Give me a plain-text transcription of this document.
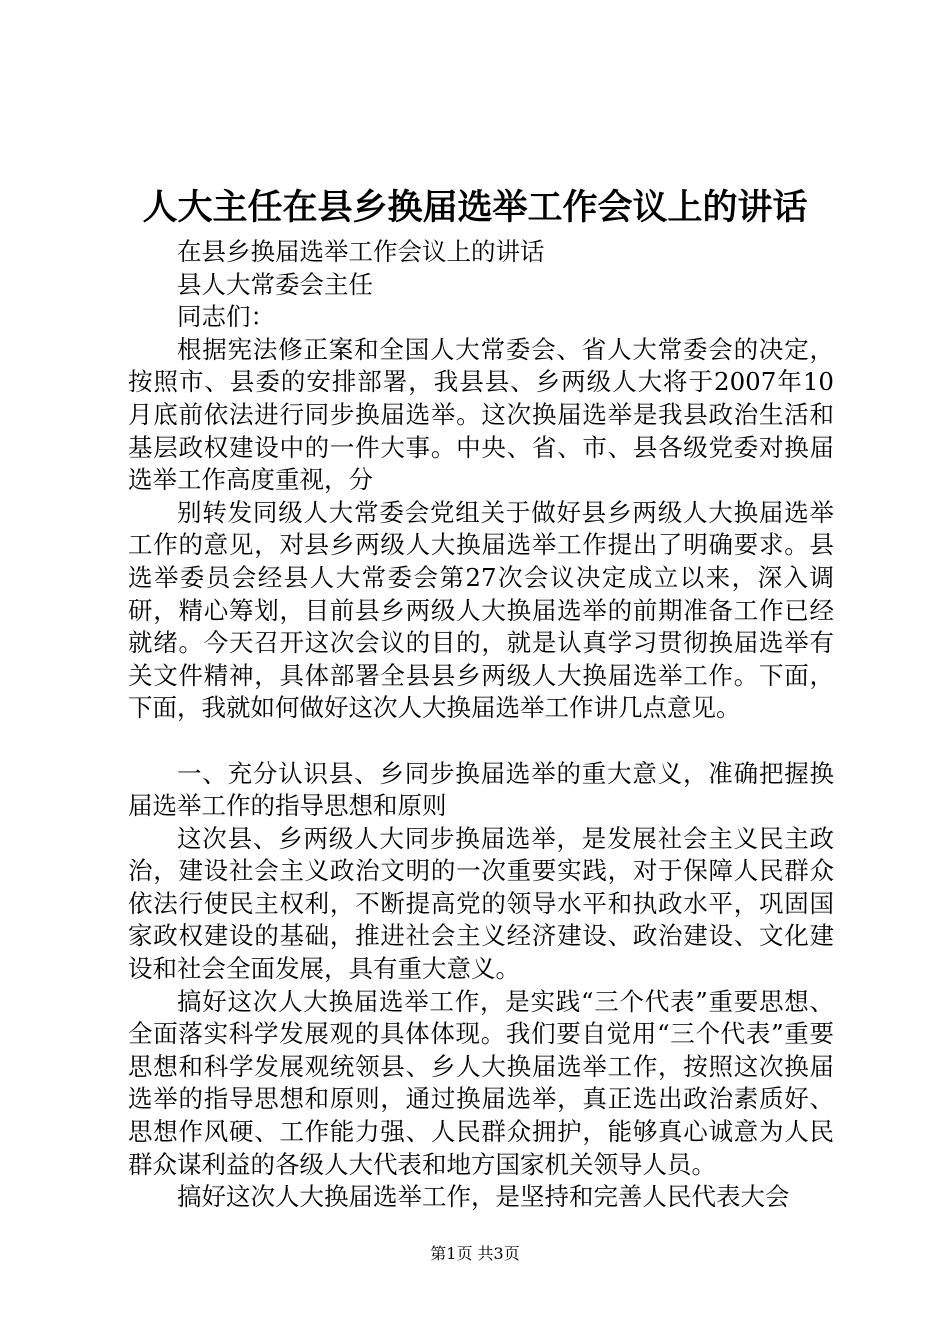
人大主任在县乡换届选举工作会议上的讲话

在县乡换届选举工作会议上的讲话

县人大常委会主任

同志们：

根据宪法修正案和全国人大常委会、省人大常委会的决定，按照市、县委的安排部署，我县县、乡两级人大将于2007年10月底前依法进行同步换届选举。这次换届选举是我县政治生活和基层政权建设中的一件大事。中央、省、市、县各级党委对换届选举工作高度重视，分

别转发同级人大常委会党组关于做好县乡两级人大换届选举工作的意见，对县乡两级人大换届选举工作提出了明确要求。县选举委员会经县人大常委会第27次会议决定成立以来，深入调研，精心筹划，目前县乡两级人大换届选举的前期准备工作已经就绪。今天召开这次会议的目的，就是认真学习贯彻换届选举有关文件精神，具体部署全县县乡两级人大换届选举工作。下面，下面，我就如何做好这次人大换届选举工作讲几点意见。

一、充分认识县、乡同步换届选举的重大意义，准确把握换届选举工作的指导思想和原则

这次县、乡两级人大同步换届选举，是发展社会主义民主政治，建设社会主义政治文明的一次重要实践，对于保障人民群众依法行使民主权利，不断提高党的领导水平和执政水平，巩固国家政权建设的基础，推进社会主义经济建设、政治建设、文化建设和社会全面发展，具有重大意义。

搞好这次人大换届选举工作，是实践“三个代表”重要思想、全面落实科学发展观的具体体现。我们要自觉用“三个代表”重要思想和科学发展观统领县、乡人大换届选举工作，按照这次换届选举的指导思想和原则，通过换届选举，真正选出政治素质好、思想作风硬、工作能力强、人民群众拥护，能够真心诚意为人民群众谋利益的各级人大代表和地方国家机关领导人员。

搞好这次人大换届选举工作，是坚持和完善人民代表大会

第1页 共3页
